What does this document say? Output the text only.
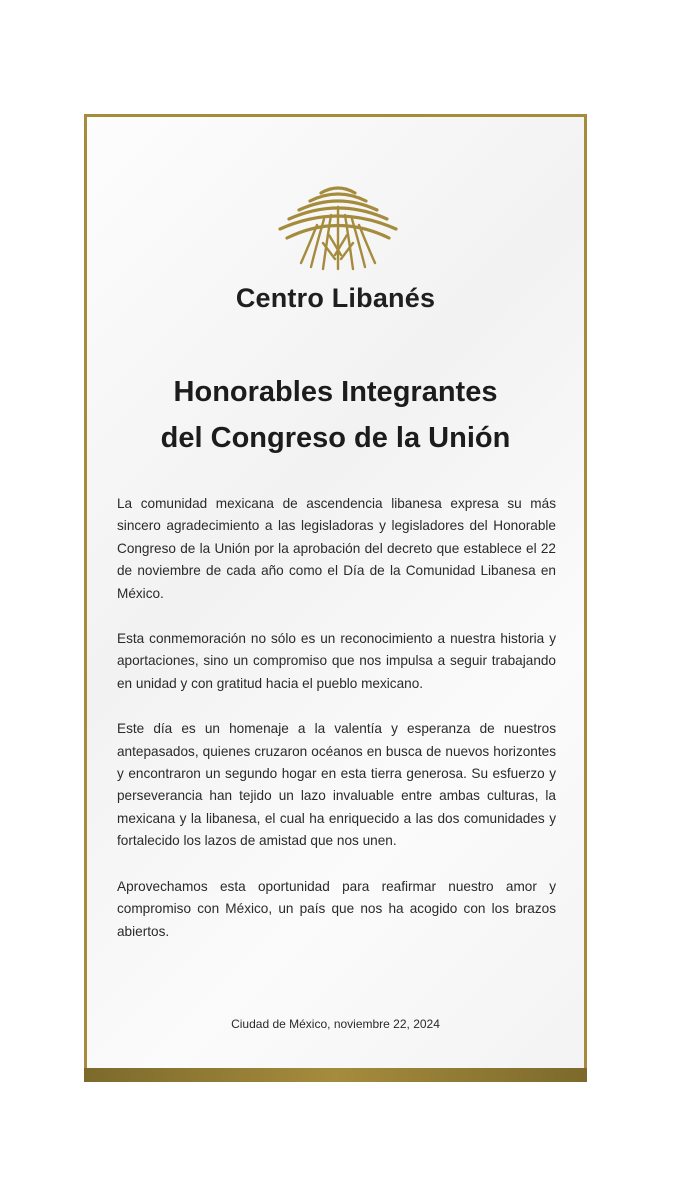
Centro Libanés
Honorables Integrantes
del Congreso de la Unión

La comunidad mexicana de ascendencia libanesa expresa su más sincero agradecimiento a las legisladoras y legisladores del Honorable Congreso de la Unión por la aprobación del decreto que establece el 22 de noviembre de cada año como el Día de la Comunidad Libanesa en México.

Esta conmemoración no sólo es un reconocimiento a nuestra historia y aportaciones, sino un compromiso que nos impulsa a seguir trabajando en unidad y con gratitud hacia el pueblo mexicano.

Este día es un homenaje a la valentía y esperanza de nuestros antepasados, quienes cruzaron océanos en busca de nuevos horizontes y encontraron un segundo hogar en esta tierra generosa. Su esfuerzo y perseverancia han tejido un lazo invaluable entre ambas culturas, la mexicana y la libanesa, el cual ha enriquecido a las dos comunidades y fortalecido los lazos de amistad que nos unen.

Aprovechamos esta oportunidad para reafirmar nuestro amor y compromiso con México, un país que nos ha acogido con los brazos abiertos.

Ciudad de México, noviembre 22, 2024
